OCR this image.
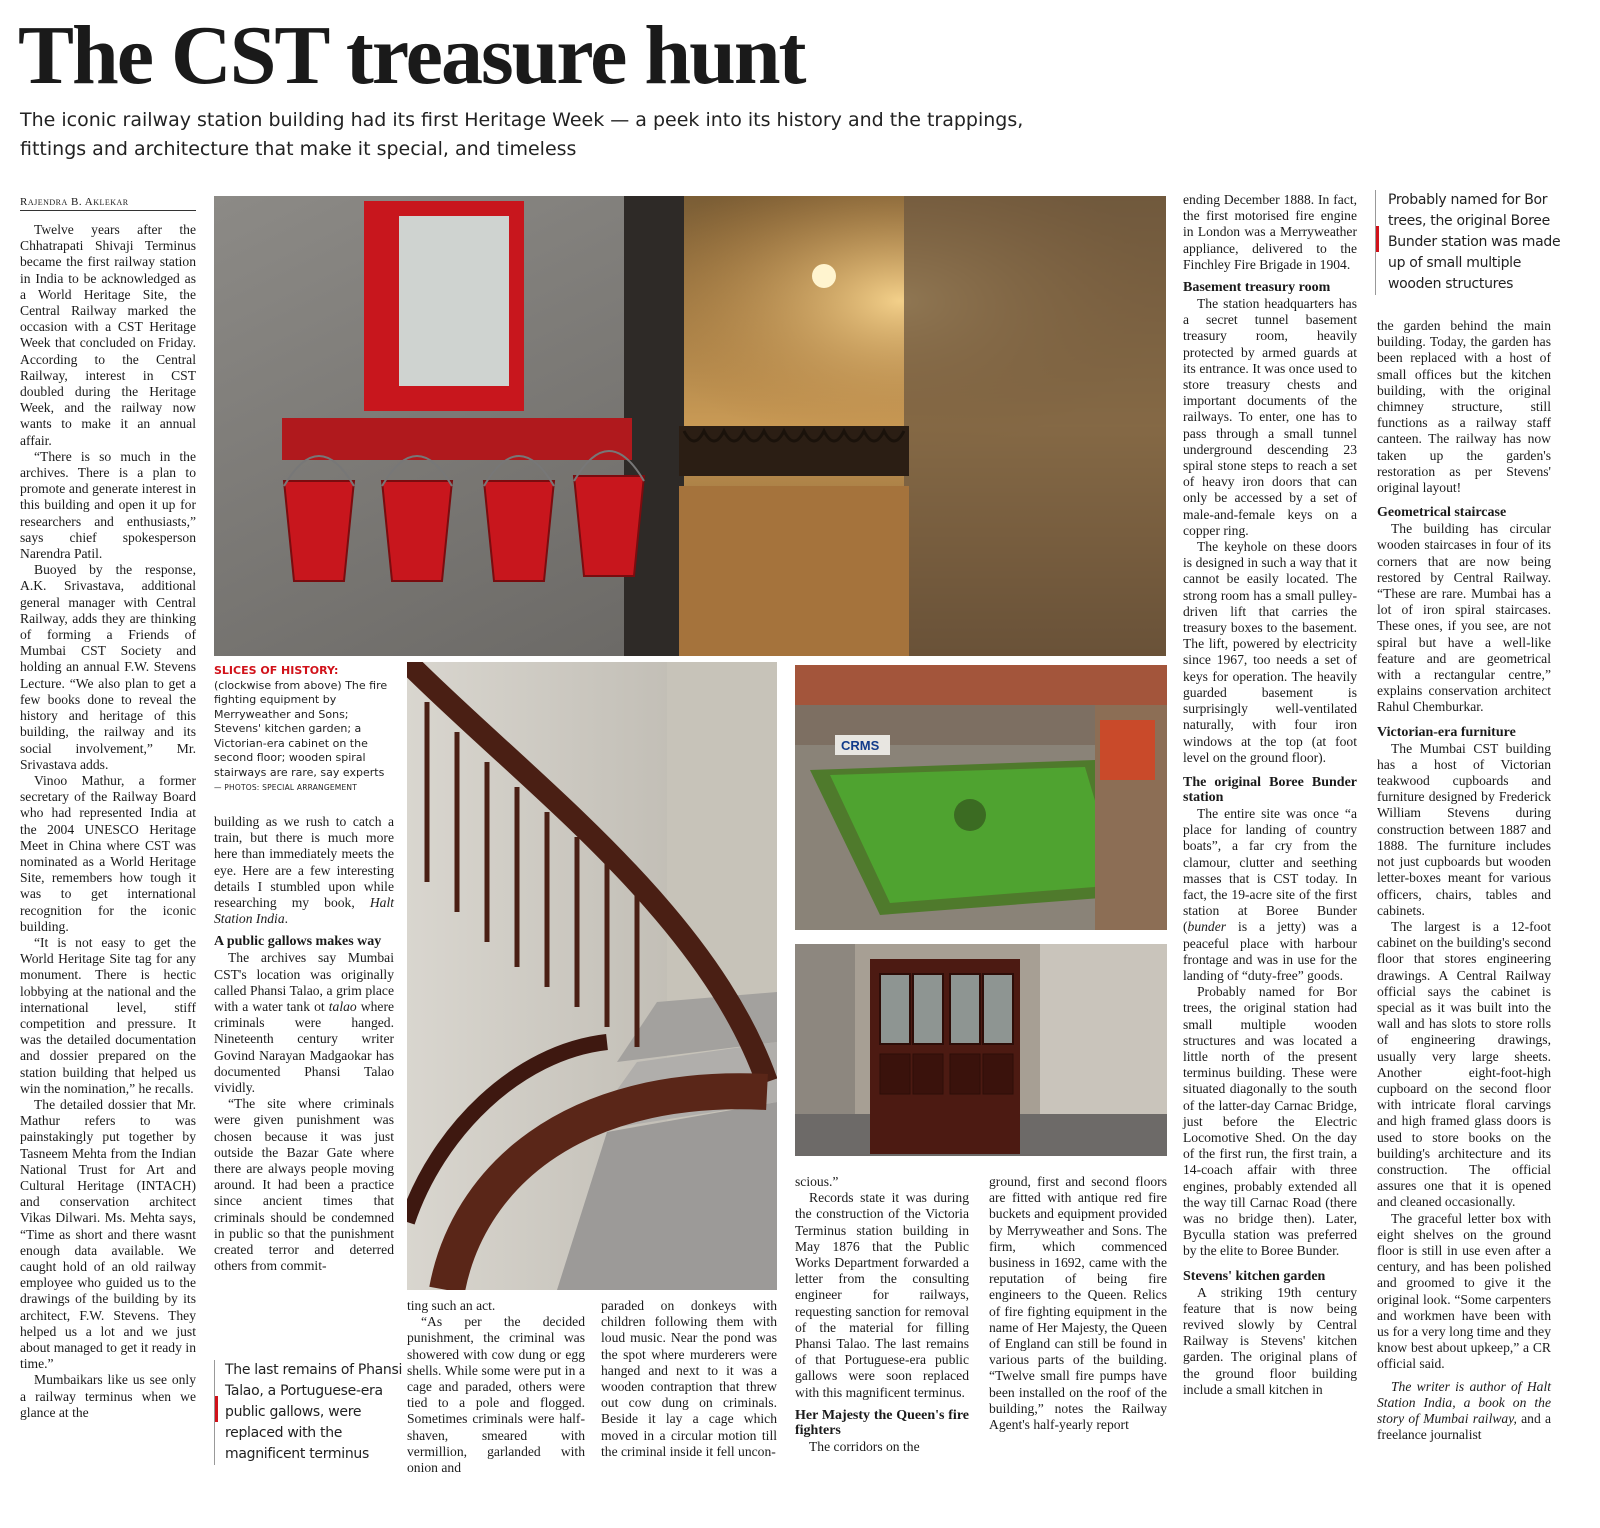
The CST treasure hunt
The iconic railway station building had its first Heritage Week — a peek into its history and the trappings,
fittings and architecture that make it special, and timeless
Rajendra B. Aklekar

Twelve years after the Chhatrapati Shivaji Terminus became the first railway station in India to be acknowledged as a World Heritage Site, the Central Railway marked the occasion with a CST Heritage Week that concluded on Friday. According to the Central Railway, interest in CST doubled during the Heritage Week, and the railway now wants to make it an annual affair.

“There is so much in the archives. There is a plan to promote and generate interest in this building and open it up for researchers and enthusiasts,” says chief spokesperson Narendra Patil.

Buoyed by the response, A.K. Srivastava, additional general manager with Central Railway, adds they are thinking of forming a Friends of Mumbai CST Society and holding an annual F.W. Stevens Lecture. “We also plan to get a few books done to reveal the history and heritage of this building, the railway and its social involvement,” Mr. Srivastava adds.

Vinoo Mathur, a former secretary of the Railway Board who had represented India at the 2004 UNESCO Heritage Meet in China where CST was nominated as a World Heritage Site, remembers how tough it was to get international recognition for the iconic building.

“It is not easy to get the World Heritage Site tag for any monument. There is hectic lobbying at the national and the international level, stiff competition and pressure. It was the detailed documentation and dossier prepared on the station building that helped us win the nomination,” he recalls.

The detailed dossier that Mr. Mathur refers to was painstakingly put together by Tasneem Mehta from the Indian National Trust for Art and Cultural Heritage (INTACH) and conservation architect Vikas Dilwari. Ms. Mehta says, “Time as short and there wasnt enough data available. We caught hold of an old railway employee who guided us to the drawings of the building by its architect, F.W. Stevens. They helped us a lot and we just about managed to get it ready in time.”

Mumbaikars like us see only a railway terminus when we glance at the

SLICES OF HISTORY: (clockwise from above) The fire fighting equipment by Merryweather and Sons; Stevens' kitchen garden; a Victorian-era cabinet on the second floor; wooden spiral stairways are rare, say experts — PHOTOS: SPECIAL ARRANGEMENT

building as we rush to catch a train, but there is much more here than immediately meets the eye. Here are a few interesting details I stumbled upon while researching my book, Halt Station India.

A public gallows makes way

The archives say Mumbai CST's location was originally called Phansi Talao, a grim place with a water tank ot talao where criminals were hanged. Nineteenth century writer Govind Narayan Madgaokar has documented Phansi Talao vividly.

“The site where criminals were given punishment was chosen because it was just outside the Bazar Gate where there are always people moving around. It had been a practice since ancient times that criminals should be condemned in public so that the punishment created terror and deterred others from commit-

The last remains of Phansi Talao, a Portuguese-era public gallows, were replaced with the magnificent terminus

ting such an act.

“As per the decided punishment, the criminal was showered with cow dung or egg shells. While some were put in a cage and paraded, others were tied to a pole and flogged. Sometimes criminals were half-shaven, smeared with vermillion, garlanded with onion and

paraded on donkeys with children following them with loud music. Near the pond was the spot where murderers were hanged and next to it was a wooden contraption that threw out cow dung on criminals. Beside it lay a cage which moved in a circular motion till the criminal inside it fell uncon-

CRMS

scious.”

Records state it was during the construction of the Victoria Terminus station building in May 1876 that the Public Works Department forwarded a letter from the consulting engineer for railways, requesting sanction for removal of the material for filling Phansi Talao. The last remains of that Portuguese-era public gallows were soon replaced with this magnificent terminus.

Her Majesty the Queen's fire fighters

The corridors on the

ground, first and second floors are fitted with antique red fire buckets and equipment provided by Merryweather and Sons. The firm, which commenced business in 1692, came with the reputation of being fire engineers to the Queen. Relics of fire fighting equipment in the name of Her Majesty, the Queen of England can still be found in various parts of the building. “Twelve small fire pumps have been installed on the roof of the building,” notes the Railway Agent's half-yearly report

ending December 1888. In fact, the first motorised fire engine in London was a Merryweather appliance, delivered to the Finchley Fire Brigade in 1904.

Basement treasury room

The station headquarters has a secret tunnel basement treasury room, heavily protected by armed guards at its entrance. It was once used to store treasury chests and important documents of the railways. To enter, one has to pass through a small tunnel underground descending 23 spiral stone steps to reach a set of heavy iron doors that can only be accessed by a set of male-and-female keys on a copper ring.

The keyhole on these doors is designed in such a way that it cannot be easily located. The strong room has a small pulley-driven lift that carries the treasury boxes to the basement. The lift, powered by electricity since 1967, too needs a set of keys for operation. The heavily guarded basement is surprisingly well-ventilated naturally, with four iron windows at the top (at foot level on the ground floor).

The original Boree Bunder station

The entire site was once “a place for landing of country boats”, a far cry from the clamour, clutter and seething masses that is CST today. In fact, the 19-acre site of the first station at Boree Bunder (bunder is a jetty) was a peaceful place with harbour frontage and was in use for the landing of “duty-free” goods.

Probably named for Bor trees, the original station had small multiple wooden structures and was located a little north of the present terminus building. These were situated diagonally to the south of the latter-day Carnac Bridge, just before the Electric Locomotive Shed. On the day of the first run, the first train, a 14-coach affair with three engines, probably extended all the way till Carnac Road (there was no bridge then). Later, Byculla station was preferred by the elite to Boree Bunder.

Stevens' kitchen garden

A striking 19th century feature that is now being revived slowly by Central Railway is Stevens' kitchen garden. The original plans of the ground floor building include a small kitchen in

Probably named for Bor trees, the original Boree Bunder station was made up of small multiple wooden structures

the garden behind the main building. Today, the garden has been replaced with a host of small offices but the kitchen building, with the original chimney structure, still functions as a railway staff canteen. The railway has now taken up the garden's restoration as per Stevens' original layout!

Geometrical staircase

The building has circular wooden staircases in four of its corners that are now being restored by Central Railway. “These are rare. Mumbai has a lot of iron spiral staircases. These ones, if you see, are not spiral but have a well-like feature and are geometrical with a rectangular centre,” explains conservation architect Rahul Chemburkar.

Victorian-era furniture

The Mumbai CST building has a host of Victorian teakwood cupboards and furniture designed by Frederick William Stevens during construction between 1887 and 1888. The furniture includes not just cupboards but wooden letter-boxes meant for various officers, chairs, tables and cabinets.

The largest is a 12-foot cabinet on the building's second floor that stores engineering drawings. A Central Railway official says the cabinet is special as it was built into the wall and has slots to store rolls of engineering drawings, usually very large sheets. Another eight-foot-high cupboard on the second floor with intricate floral carvings and high framed glass doors is used to store books on the building's architecture and its construction. The official assures one that it is opened and cleaned occasionally.

The graceful letter box with eight shelves on the ground floor is still in use even after a century, and has been polished and groomed to give it the original look. “Some carpenters and workmen have been with us for a very long time and they know best about upkeep,” a CR official said.

The writer is author of Halt Station India, a book on the story of Mumbai railway, and a freelance journalist
